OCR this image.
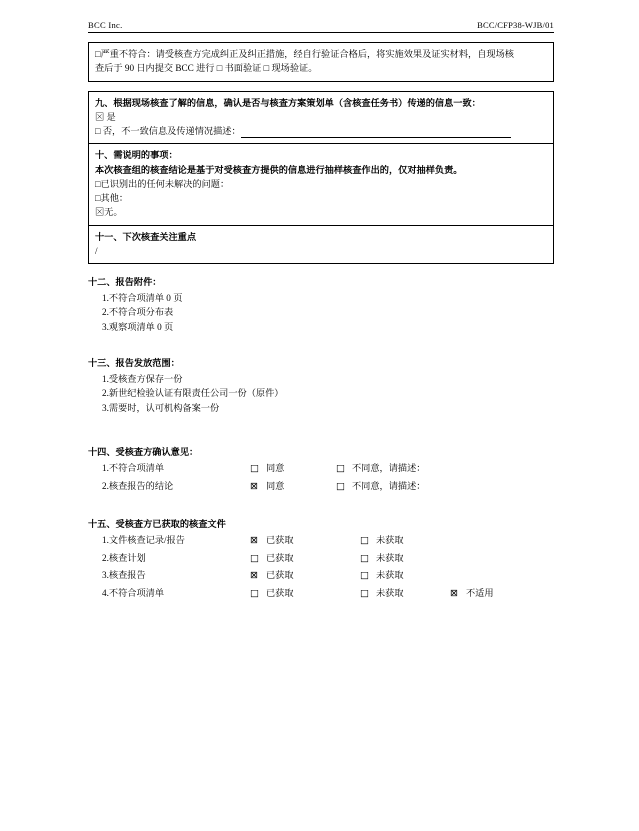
BCC Inc.	BCC/CFP38-WJB/01
□严重不符合：请受核查方完成纠正及纠正措施，经自行验证合格后，将实施效果及证实材料，自现场核
查后于 90 日内提交 BCC 进行 □ 书面验证 □ 现场验证。
九、根据现场核查了解的信息，确认是否与核查方案策划单（含核查任务书）传递的信息一致：
⊠ 是
□ 否，不一致信息及传递情况描述：
十、需说明的事项：
本次核查组的核查结论是基于对受核查方提供的信息进行抽样核查作出的，仅对抽样负责。
□已识别出的任何未解决的问题：
□其他：
⊠无。
十一、下次核查关注重点
/
十二、报告附件：
1.不符合项清单 0 页
2.不符合项分布表
3.观察项清单 0 页
十三、报告发放范围：
1.受核查方保存一份
2.新世纪检验认证有限责任公司一份（原件）
3.需要时，认可机构备案一份
十四、受核查方确认意见：
1.不符合项清单	□ 同意	□ 不同意，请描述：
2.核查报告的结论	⊠ 同意	□ 不同意，请描述：
十五、受核查方已获取的核查文件
1.文件核查记录/报告	⊠ 已获取	□ 未获取
2.核查计划	□ 已获取	□ 未获取
3.核查报告	⊠ 已获取	□ 未获取
4.不符合项清单	□ 已获取	□ 未获取	⊠ 不适用
